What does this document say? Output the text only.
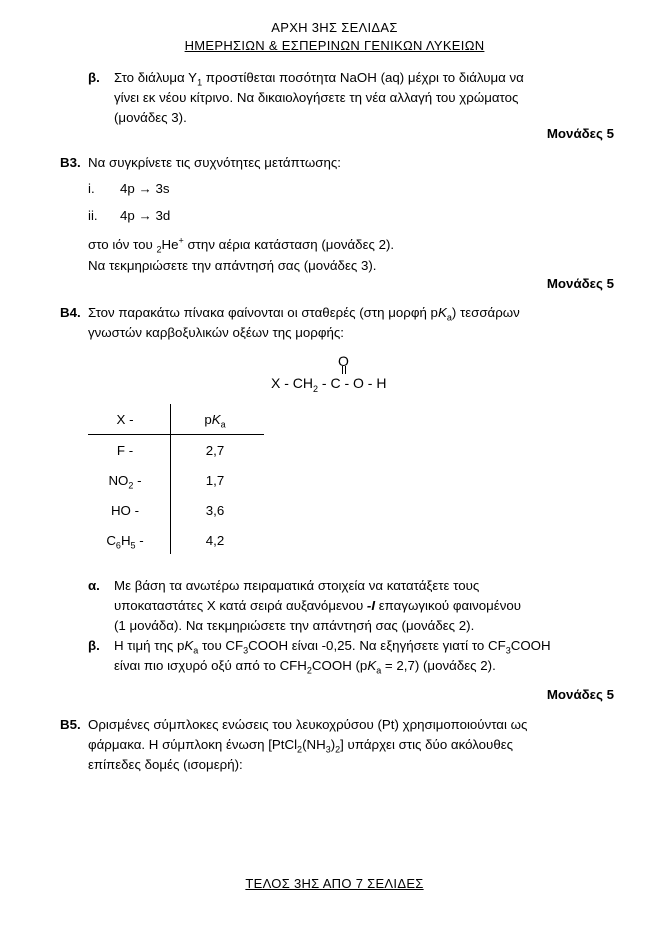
ΑΡΧΗ 3ΗΣ ΣΕΛΙΔΑΣ
ΗΜΕΡΗΣΙΩΝ & ΕΣΠΕΡΙΝΩΝ ΓΕΝΙΚΩΝ ΛΥΚΕΙΩΝ
β. Στο διάλυμα $\Upsilon_1$ προστίθεται ποσότητα NaOH (aq) μέχρι το διάλυμα να
γίνει εκ νέου κίτρινο. Να δικαιολογήσετε τη νέα αλλαγή του χρώματος
(μονάδες 3).
Μονάδες 5
Β3. Να συγκρίνετε τις συχνότητες μετάπτωσης:
i. 4p → 3s
ii. 4p → 3d
στο ιόν του $_2$He+ στην αέρια κατάσταση (μονάδες 2).
Να τεκμηριώσετε την απάντησή σας (μονάδες 3).
Μονάδες 5
Β4. Στον παρακάτω πίνακα φαίνονται οι σταθερές (στη μορφή $pK_a$) τεσσάρων
γνωστών καρβοξυλικών οξέων της μορφής:
O
X - $CH_2$ - C - O - H
X -	$pK_a$
F -	2,7
$NO_2$ -	1,7
HO -	3,6
$C_6H_5$ -	4,2
α. Με βάση τα ανωτέρω πειραματικά στοιχεία να κατατάξετε τους
υποκαταστάτες Χ κατά σειρά αυξανόμενου -I επαγωγικού φαινομένου
(1 μονάδα). Να τεκμηριώσετε την απάντησή σας (μονάδες 2).
β. Η τιμή της $pK_a$ του $CF_3COOH$ είναι -0,25. Να εξηγήσετε γιατί το $CF_3COOH$
είναι πιο ισχυρό οξύ από το $CFH_2COOH$ $(pK_a = 2,7)$ (μονάδες 2).
Μονάδες 5
Β5. Ορισμένες σύμπλοκες ενώσεις του λευκοχρύσου (Pt) χρησιμοποιούνται ως
φάρμακα. Η σύμπλοκη ένωση $[PtCl_2(NH_3)_2]$ υπάρχει στις δύο ακόλουθες
επίπεδες δομές (ισομερή):
ΤΕΛΟΣ 3ΗΣ ΑΠΟ 7 ΣΕΛΙΔΕΣ
